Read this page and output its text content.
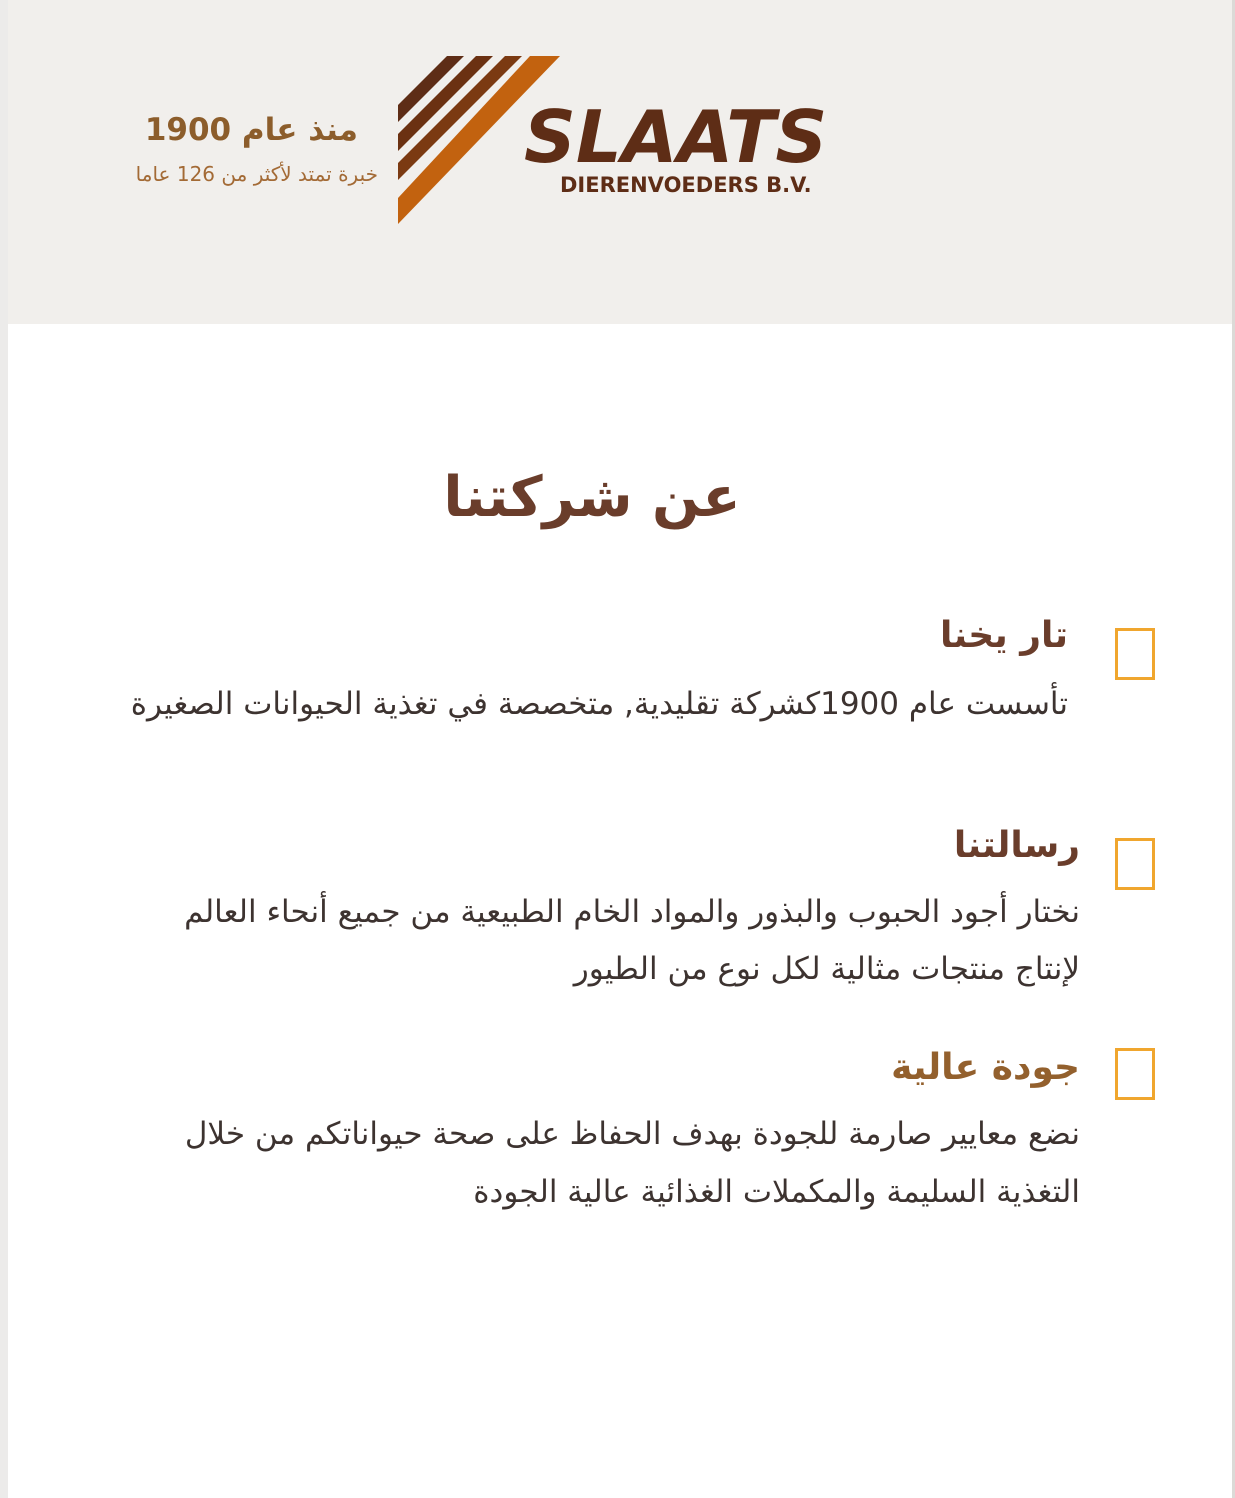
منذ عام 1900
خبرة تمتد لأكثر من 126 عاما SLAATS
DIERENVOEDERS B.V.
عن شركتنا
تار يخنا
تأسست عام 1900كشركة تقليدية, متخصصة في تغذية الحيوانات الصغيرة
رسالتنا
نختار أجود الحبوب والبذور والمواد الخام الطبيعية من جميع أنحاء العالم
لإنتاج منتجات مثالية لكل نوع من الطيور
جودة عالية
نضع معايير صارمة للجودة بهدف الحفاظ على صحة حيواناتكم من خلال
التغذية السليمة والمكملات الغذائية عالية الجودة
